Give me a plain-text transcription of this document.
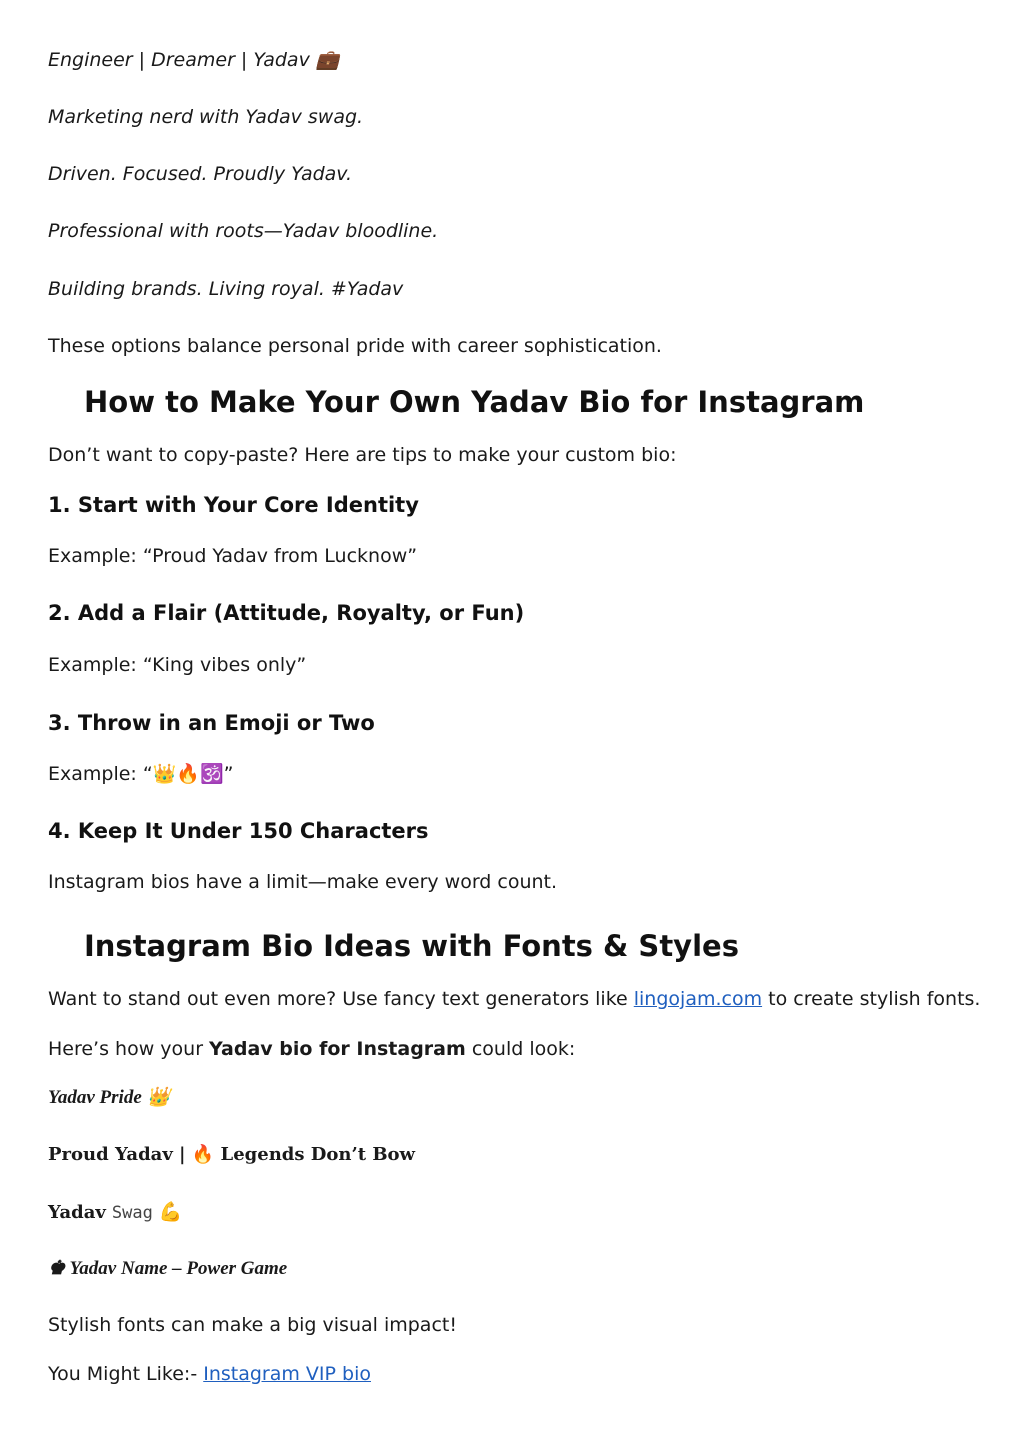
Engineer | Dreamer | Yadav 💼
Marketing nerd with Yadav swag.
Driven. Focused. Proudly Yadav.
Professional with roots—Yadav bloodline.
Building brands. Living royal. #Yadav
These options balance personal pride with career sophistication.
How to Make Your Own Yadav Bio for Instagram
Don’t want to copy-paste? Here are tips to make your custom bio:
1. Start with Your Core Identity
Example: “Proud Yadav from Lucknow”
2. Add a Flair (Attitude, Royalty, or Fun)
Example: “King vibes only”
3. Throw in an Emoji or Two
Example: “👑🔥🕉️”
4. Keep It Under 150 Characters
Instagram bios have a limit—make every word count.
Instagram Bio Ideas with Fonts & Styles
Want to stand out even more? Use fancy text generators like lingojam.com to create stylish fonts.
Here’s how your Yadav bio for Instagram could look:
Yadav Pride 👑
Proud Yadav | 🔥 Legends Don’t Bow
Yadav Swag 💪
♚ Yadav Name – Power Game
Stylish fonts can make a big visual impact!
You Might Like:- Instagram VIP bio
